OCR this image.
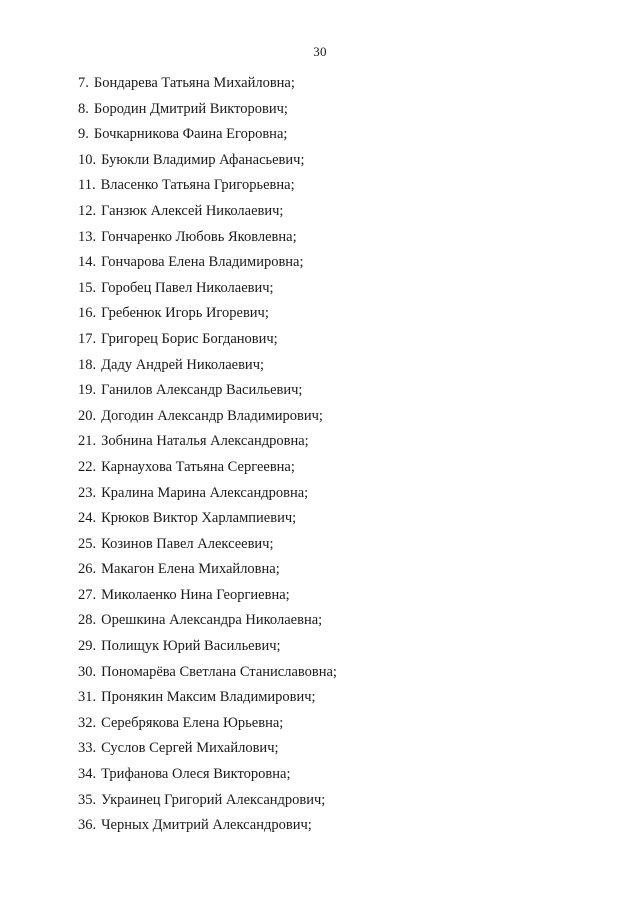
30
7. Бондарева Татьяна Михайловна;
8. Бородин Дмитрий Викторович;
9. Бочкарникова Фаина Егоровна;
10. Буюкли Владимир Афанасьевич;
11. Власенко Татьяна Григорьевна;
12. Ганзюк Алексей Николаевич;
13. Гончаренко Любовь Яковлевна;
14. Гончарова Елена Владимировна;
15. Горобец Павел Николаевич;
16. Гребенюк Игорь Игоревич;
17. Григорец Борис Богданович;
18. Даду Андрей Николаевич;
19. Ганилов Александр Васильевич;
20. Догодин Александр Владимирович;
21. Зобнина Наталья Александровна;
22. Карнаухова Татьяна Сергеевна;
23. Кралина Марина Александровна;
24. Крюков Виктор Харлампиевич;
25. Козинов Павел Алексеевич;
26. Макагон Елена Михайловна;
27. Миколаенко Нина Георгиевна;
28. Орешкина Александра Николаевна;
29. Полищук Юрий Васильевич;
30. Пономарёва Светлана Станиславовна;
31. Пронякин Максим Владимирович;
32. Серебрякова Елена Юрьевна;
33. Суслов Сергей Михайлович;
34. Трифанова Олеся Викторовна;
35. Украинец Григорий Александрович;
36. Черных Дмитрий Александрович;
